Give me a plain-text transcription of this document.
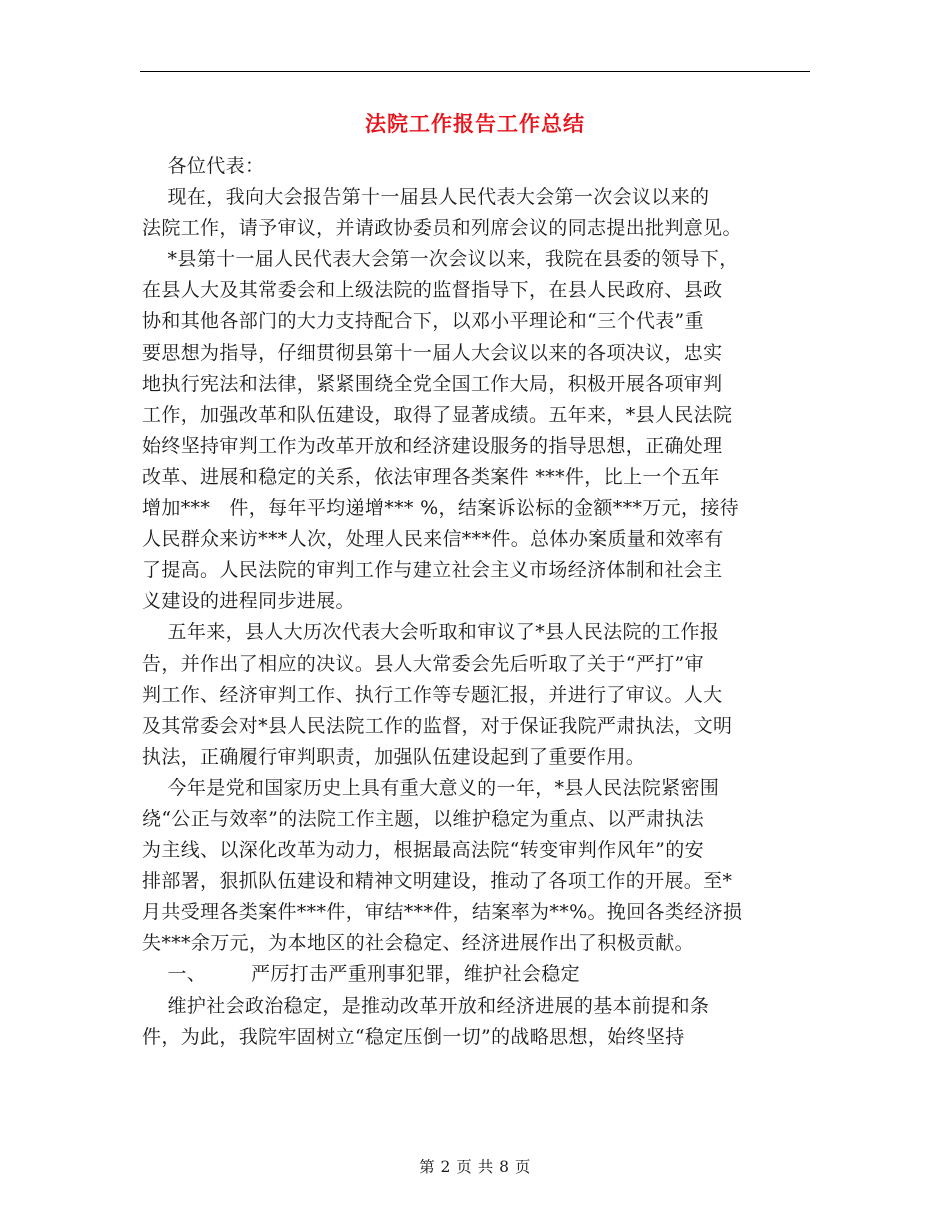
法院工作报告工作总结
各位代表：
现在，我向大会报告第十一届县人民代表大会第一次会议以来的
法院工作，请予审议，并请政协委员和列席会议的同志提出批判意见。
*县第十一届人民代表大会第一次会议以来，我院在县委的领导下，
在县人大及其常委会和上级法院的监督指导下，在县人民政府、县政
协和其他各部门的大力支持配合下，以邓小平理论和“三个代表”重
要思想为指导，仔细贯彻县第十一届人大会议以来的各项决议，忠实
地执行宪法和法律，紧紧围绕全党全国工作大局，积极开展各项审判
工作，加强改革和队伍建设，取得了显著成绩。五年来，*县人民法院
始终坚持审判工作为改革开放和经济建设服务的指导思想，正确处理
改革、进展和稳定的关系，依法审理各类案件 ***件，比上一个五年
增加***   件，每年平均递增*** %，结案诉讼标的金额***万元，接待
人民群众来访***人次，处理人民来信***件。总体办案质量和效率有
了提高。人民法院的审判工作与建立社会主义市场经济体制和社会主
义建设的进程同步进展。
五年来，县人大历次代表大会听取和审议了*县人民法院的工作报
告，并作出了相应的决议。县人大常委会先后听取了关于“严打”审
判工作、经济审判工作、执行工作等专题汇报，并进行了审议。人大
及其常委会对*县人民法院工作的监督，对于保证我院严肃执法，文明
执法，正确履行审判职责，加强队伍建设起到了重要作用。
今年是党和国家历史上具有重大意义的一年，*县人民法院紧密围
绕“公正与效率”的法院工作主题，以维护稳定为重点、以严肃执法
为主线、以深化改革为动力，根据最高法院“转变审判作风年”的安
排部署，狠抓队伍建设和精神文明建设，推动了各项工作的开展。至*
月共受理各类案件***件，审结***件，结案率为**%。挽回各类经济损
失***余万元，为本地区的社会稳定、经济进展作出了积极贡献。
一、       严厉打击严重刑事犯罪，维护社会稳定
维护社会政治稳定，是推动改革开放和经济进展的基本前提和条
件，为此，我院牢固树立“稳定压倒一切”的战略思想，始终坚持
第 2 页 共 8 页
